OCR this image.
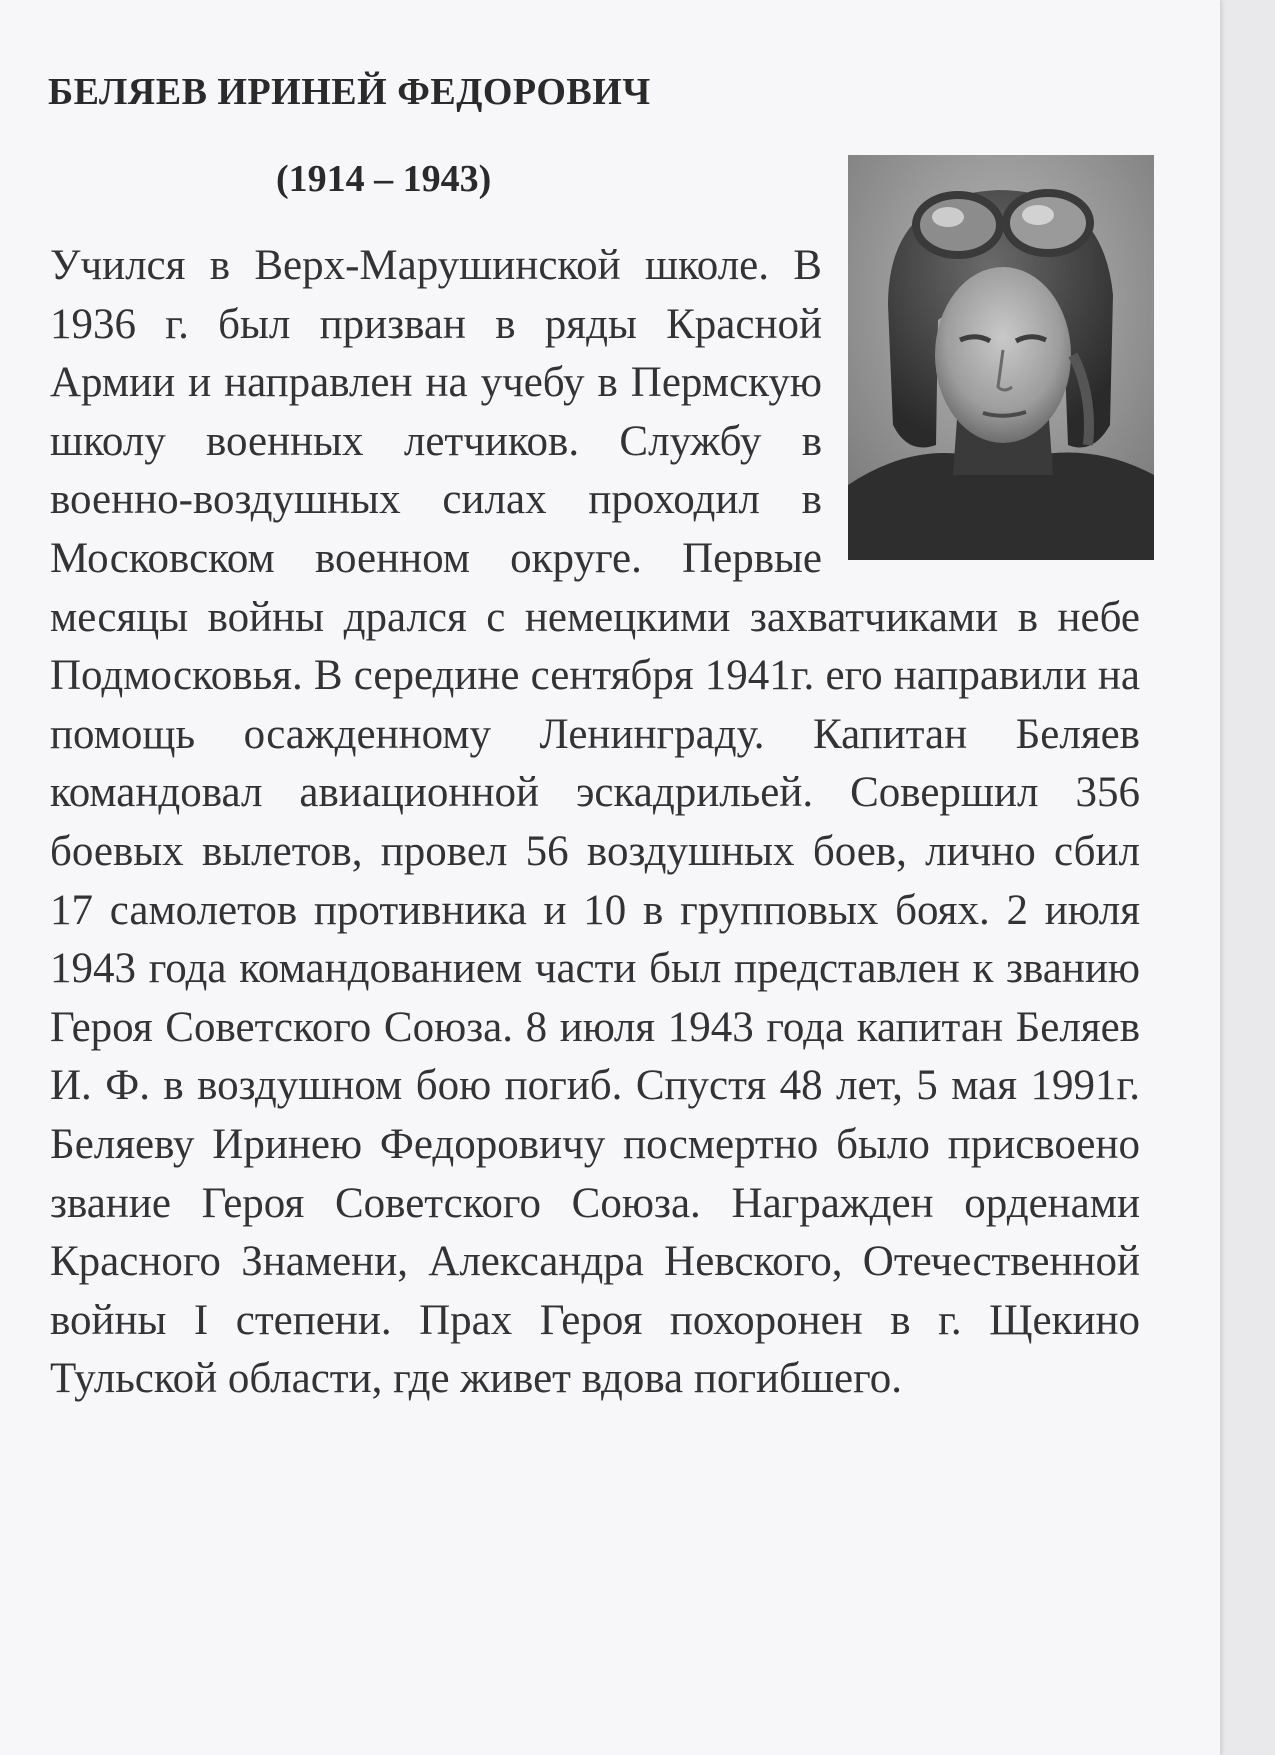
БЕЛЯЕВ ИРИНЕЙ ФЕДОРОВИЧ
(1914 – 1943)
Учился в Верх-Марушинской школе. В 1936 г. был призван в ряды Красной Армии и направлен на учебу в Пермскую школу военных летчиков. Службу в военно-воздушных силах проходил в Московском военном округе. Первые месяцы войны дрался с немецкими захватчиками в небе Подмосковья. В середине сентября 1941г. его направили на помощь осажденному Ленинграду. Капитан Беляев командовал авиационной эскадрильей. Совершил 356 боевых вылетов, провел 56 воздушных боев, лично сбил 17 самолетов противника и 10 в групповых боях. 2 июля 1943 года командованием части был представлен к званию Героя Советского Союза. 8 июля 1943 года капитан Беляев И. Ф. в воздушном бою погиб. Спустя 48 лет, 5 мая 1991г. Беляеву Иринею Федоровичу посмертно было присвоено звание Героя Советского Союза. Награжден орденами Красного Знамени, Александра Невского, Отечественной войны I степени. Прах Героя похоронен в г. Щекино Тульской области, где живет вдова погибшего.
